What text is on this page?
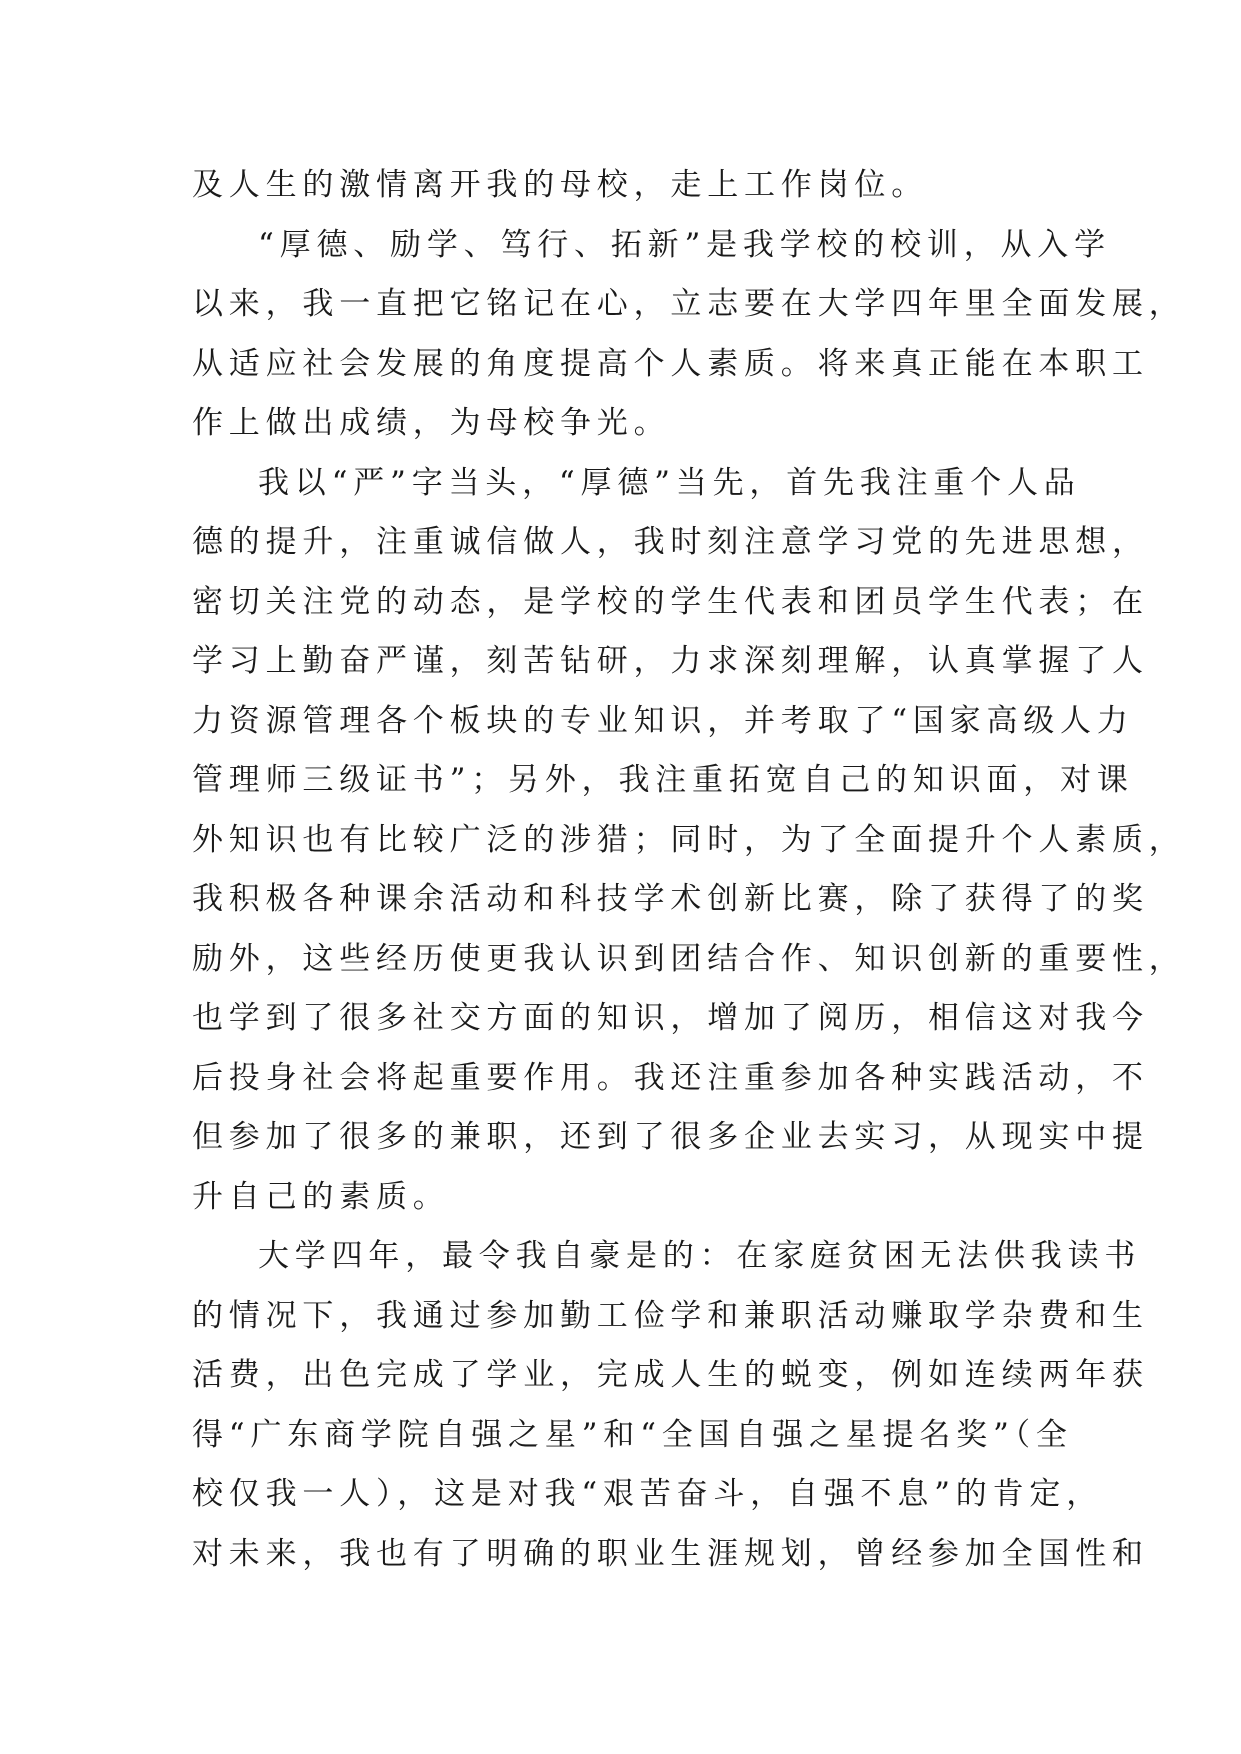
及人生的激情离开我的母校，走上工作岗位。
“厚德、励学、笃行、拓新”是我学校的校训，从入学
以来，我一直把它铭记在心，立志要在大学四年里全面发展，
从适应社会发展的角度提高个人素质。将来真正能在本职工
作上做出成绩，为母校争光。
我以“严”字当头，“厚德”当先，首先我注重个人品
德的提升，注重诚信做人，我时刻注意学习党的先进思想，
密切关注党的动态，是学校的学生代表和团员学生代表；在
学习上勤奋严谨，刻苦钻研，力求深刻理解，认真掌握了人
力资源管理各个板块的专业知识，并考取了“国家高级人力
管理师三级证书”；另外，我注重拓宽自己的知识面，对课
外知识也有比较广泛的涉猎；同时，为了全面提升个人素质，
我积极各种课余活动和科技学术创新比赛，除了获得了的奖
励外，这些经历使更我认识到团结合作、知识创新的重要性，
也学到了很多社交方面的知识，增加了阅历，相信这对我今
后投身社会将起重要作用。我还注重参加各种实践活动，不
但参加了很多的兼职，还到了很多企业去实习，从现实中提
升自己的素质。
大学四年，最令我自豪是的：在家庭贫困无法供我读书
的情况下，我通过参加勤工俭学和兼职活动赚取学杂费和生
活费，出色完成了学业，完成人生的蜕变，例如连续两年获
得“广东商学院自强之星”和“全国自强之星提名奖”（全
校仅我一人），这是对我“艰苦奋斗，自强不息”的肯定，
对未来，我也有了明确的职业生涯规划，曾经参加全国性和
